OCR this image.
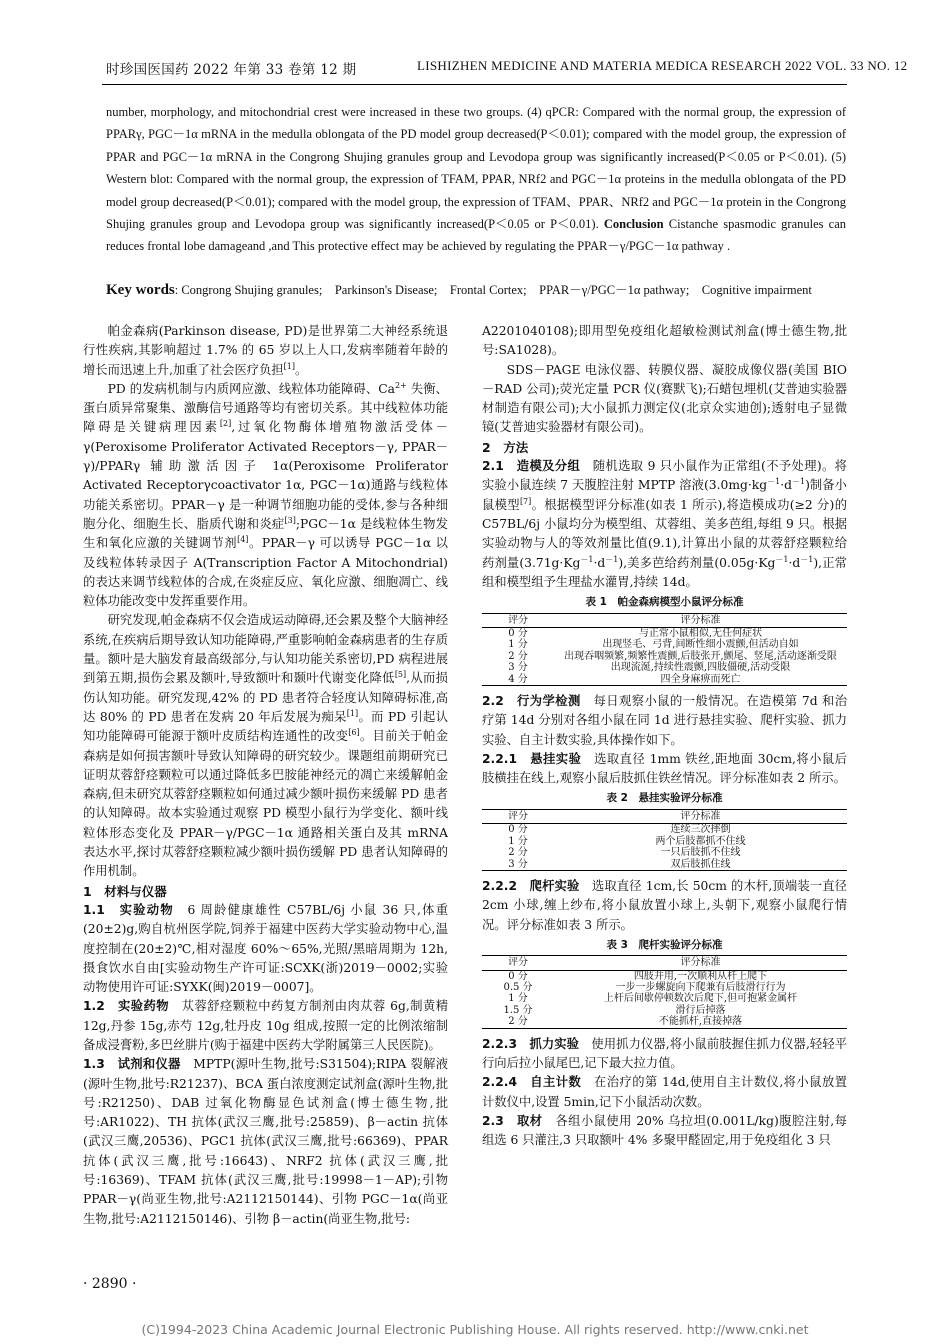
时珍国医国药 2022 年第 33 卷第 12 期	LISHIZHEN MEDICINE AND MATERIA MEDICA RESEARCH 2022 VOL. 33 NO. 12
number, morphology, and mitochondrial crest were increased in these two groups. (4) qPCR: Compared with the normal group, the expression of PPARγ, PGC－1α mRNA in the medulla oblongata of the PD model group decreased(P＜0.01); compared with the model group, the expression of PPAR and PGC－1α mRNA in the Congrong Shujing granules group and Levodopa group was significantly increased(P＜0.05 or P＜0.01). (5) Western blot: Compared with the normal group, the expression of TFAM, PPAR, NRf2 and PGC－1α proteins in the medulla oblongata of the PD model group decreased(P＜0.01); compared with the model group, the expression of TFAM、PPAR、NRf2 and PGC－1α protein in the Congrong Shujing granules group and Levodopa group was significantly increased(P＜0.05 or P＜0.01). Conclusion Cistanche spasmodic granules can reduces frontal lobe damageand ,and This protective effect may be achieved by regulating the PPAR－γ/PGC－1α pathway .
Key words: Congrong Shujing granules;　Parkinson's Disease;　Frontal Cortex;　PPAR－γ/PGC－1α pathway;　Cognitive impairment

帕金森病(Parkinson disease, PD)是世界第二大神经系统退行性疾病,其影响超过 1.7% 的 65 岁以上人口,发病率随着年龄的增长而迅速上升,加重了社会医疗负担[1]。

PD 的发病机制与内质网应激、线粒体功能障碍、$Ca^{2+}$ 失衡、蛋白质异常聚集、激酶信号通路等均有密切关系。其中线粒体功能障碍是关键病理因素[2],过氧化物酶体增殖物激活受体－γ(Peroxisome Proliferator Activated Receptors－γ, PPAR－γ)/PPARγ 辅助激活因子 1α(Peroxisome Proliferator Activated Receptorγcoactivator 1α, PGC－1α)通路与线粒体功能关系密切。PPAR－γ 是一种调节细胞功能的受体,参与各种细胞分化、细胞生长、脂质代谢和炎症[3];PGC－1α 是线粒体生物发生和氧化应激的关键调节剂[4]。PPAR－γ 可以诱导 PGC－1α 以及线粒体转录因子 A(Transcription Factor A Mitochondrial)的表达来调节线粒体的合成,在炎症反应、氧化应激、细胞凋亡、线粒体功能改变中发挥重要作用。

研究发现,帕金森病不仅会造成运动障碍,还会累及整个大脑神经系统,在疾病后期导致认知功能障碍,严重影响帕金森病患者的生存质量。额叶是大脑发育最高级部分,与认知功能关系密切,PD 病程进展到第五期,损伤会累及额叶,导致额叶和颞叶代谢变化降低[5],从而损伤认知功能。研究发现,42% 的 PD 患者符合轻度认知障碍标准,高达 80% 的 PD 患者在发病 20 年后发展为痴呆[1]。而 PD 引起认知功能障碍可能源于额叶皮质结构连通性的改变[6]。目前关于帕金森病是如何损害额叶导致认知障碍的研究较少。课题组前期研究已证明苁蓉舒痉颗粒可以通过降低多巴胺能神经元的凋亡来缓解帕金森病,但未研究苁蓉舒痉颗粒如何通过减少额叶损伤来缓解 PD 患者的认知障碍。故本实验通过观察 PD 模型小鼠行为学变化、额叶线粒体形态变化及 PPAR－γ/PGC－1α 通路相关蛋白及其 mRNA 表达水平,探讨苁蓉舒痉颗粒减少额叶损伤缓解 PD 患者认知障碍的作用机制。

1　材料与仪器

1.1　实验动物　6 周龄健康雄性 C57BL/6j 小鼠 36 只,体重(20±2)g,购自杭州医学院,饲养于福建中医药大学实验动物中心,温度控制在(20±2)℃,相对湿度 60%～65%,光照/黑暗周期为 12h,摄食饮水自由[实验动物生产许可证:SCXK(浙)2019－0002;实验动物使用许可证:SYXK(闽)2019－0007]。

1.2　实验药物　苁蓉舒痉颗粒中药复方制剂由肉苁蓉 6g,制黄精 12g,丹参 15g,赤芍 12g,牡丹皮 10g 组成,按照一定的比例浓缩制备成浸膏粉,多巴丝肼片(购于福建中医药大学附属第三人民医院)。

1.3　试剂和仪器　MPTP(源叶生物,批号:S31504);RIPA 裂解液(源叶生物,批号:R21237)、BCA 蛋白浓度测定试剂盒(源叶生物,批号:R21250)、DAB 过氧化物酶显色试剂盒(博士德生物,批号:AR1022)、TH 抗体(武汉三鹰,批号:25859)、β－actin 抗体(武汉三鹰,20536)、PGC1 抗体(武汉三鹰,批号:66369)、PPAR 抗体(武汉三鹰,批号:16643)、NRF2 抗体(武汉三鹰,批号:16369)、TFAM 抗体(武汉三鹰,批号:19998－1－AP);引物 PPAR－γ(尚亚生物,批号:A2112150144)、引物 PGC－1α(尚亚生物,批号:A2112150146)、引物 β－actin(尚亚生物,批号:

A2201040108);即用型免疫组化超敏检测试剂盒(博士德生物,批号:SA1028)。

SDS－PAGE 电泳仪器、转膜仪器、凝胶成像仪器(美国 BIO－RAD 公司);荧光定量 PCR 仪(赛默飞);石蜡包埋机(艾普迪实验器材制造有限公司);大小鼠抓力测定仪(北京众实迪创);透射电子显微镜(艾普迪实验器材有限公司)。

2　方法

2.1　造模及分组　随机选取 9 只小鼠作为正常组(不予处理)。将实验小鼠连续 7 天腹腔注射 MPTP 溶液$(3.0mg\cdot kg^{-1}\cdot d^{-1})$制备小鼠模型[7]。根据模型评分标准(如表 1 所示),将造模成功(≥2 分)的 C57BL/6j 小鼠均分为模型组、苁蓉组、美多芭组,每组 9 只。根据实验动物与人的等效剂量比值(9.1),计算出小鼠的苁蓉舒痉颗粒给药剂量$(3.71g\cdot Kg^{-1}\cdot d^{-1})$,美多芭给药剂量$(0.05g\cdot Kg^{-1}\cdot d^{-1})$,正常组和模型组予生理盐水灌胃,持续 14d。

表 1　帕金森病模型小鼠评分标准
评分	评分标准
0 分	与正常小鼠相似,无任何症状
1 分	出现竖毛、弓背,间断性细小震颤,但活动自如
2 分	出现吞咽频繁,频繁性震颤,后肢张开,颤尾、竖尾,活动逐渐受限
3 分	出现流涎,持续性震颤,四肢僵硬,活动受限
4 分	四全身麻痹而死亡

2.2　行为学检测　每日观察小鼠的一般情况。在造模第 7d 和治疗第 14d 分别对各组小鼠在同 1d 进行悬挂实验、爬杆实验、抓力实验、自主计数实验,具体操作如下。

2.2.1　悬挂实验　选取直径 1mm 铁丝,距地面 30cm,将小鼠后肢横挂在线上,观察小鼠后肢抓住铁丝情况。评分标准如表 2 所示。

表 2　悬挂实验评分标准
评分	评分标准
0 分	连续三次摔倒
1 分	两个后肢都抓不住线
2 分	一只后肢抓不住线
3 分	双后肢抓住线

2.2.2　爬杆实验　选取直径 1cm,长 50cm 的木杆,顶端装一直径 2cm 小球,缠上纱布,将小鼠放置小球上,头朝下,观察小鼠爬行情况。评分标准如表 3 所示。

表 3　爬杆实验评分标准
评分	评分标准
0 分	四肢并用,一次顺利从杆上爬下
0.5 分	一步一步螺旋向下爬兼有后肢滑行行为
1 分	上杆后间歇停顿数次后爬下,但可抱紧金属杆
1.5 分	滑行后掉落
2 分	不能抓杆,直接掉落

2.2.3　抓力实验　使用抓力仪器,将小鼠前肢握住抓力仪器,轻轻平行向后拉小鼠尾巴,记下最大拉力值。

2.2.4　自主计数　在治疗的第 14d,使用自主计数仪,将小鼠放置计数仪中,设置 5min,记下小鼠活动次数。

2.3　取材　各组小鼠使用 20% 乌拉坦(0.001L/kg)腹腔注射,每组选 6 只灌注,3 只取额叶 4% 多聚甲醛固定,用于免疫组化 3 只

· 2890 ·
(C)1994-2023 China Academic Journal Electronic Publishing House. All rights reserved. http://www.cnki.net
